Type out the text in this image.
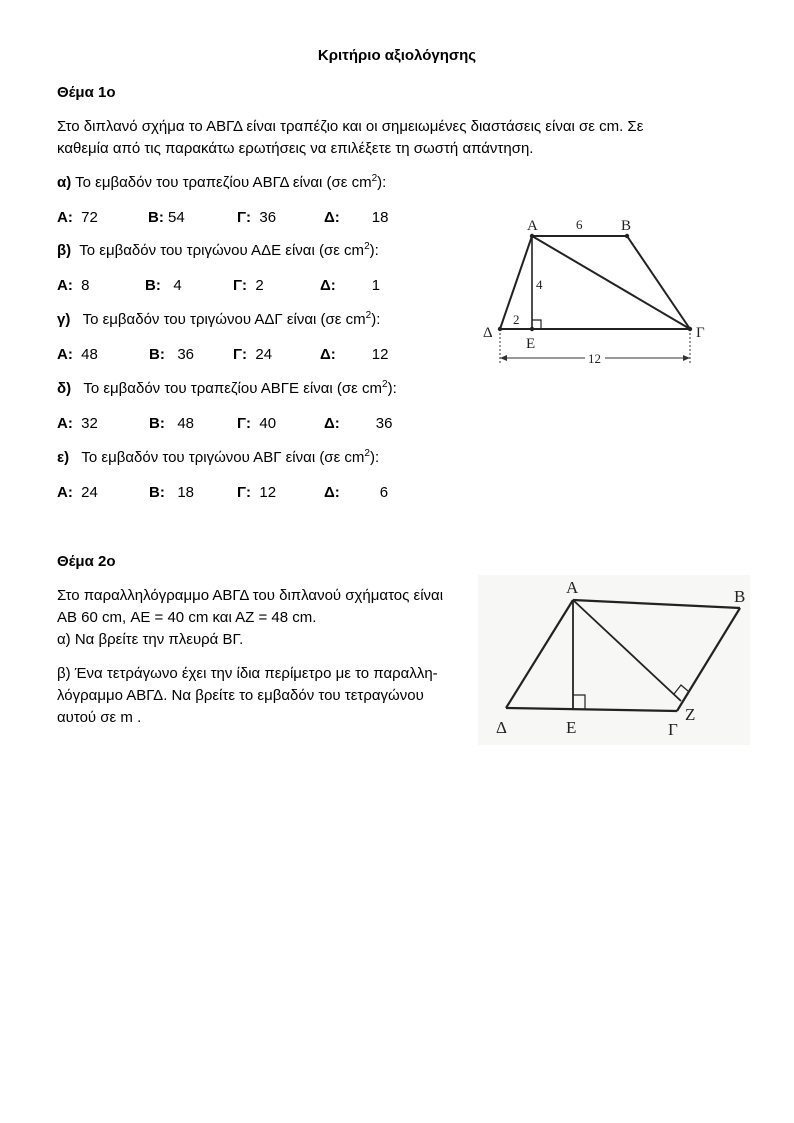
Κριτήριο αξιολόγησης
Θέμα 1ο
Στο διπλανό σχήμα το ΑΒΓΔ είναι τραπέζιο και οι σημειωμένες διαστάσεις είναι σε cm. Σε
καθεμία από τις παρακάτω ερωτήσεις να επιλέξετε τη σωστή απάντηση.
α) Το εμβαδόν του τραπεζίου ΑΒΓΔ είναι (σε $cm^2$):
Α: 72	Β: 54	Γ: 36	Δ: 18
β) Το εμβαδόν του τριγώνου ΑΔΕ είναι (σε $cm^2$):
Α: 8	Β: 4	Γ: 2	Δ: 1
γ) Το εμβαδόν του τριγώνου ΑΔΓ είναι (σε $cm^2$):
Α: 48	Β: 36	Γ: 24	Δ: 12
δ) Το εμβαδόν του τραπεζίου ΑΒΓΕ είναι (σε $cm^2$):
Α: 32	Β: 48	Γ: 40	Δ: 36
ε) Το εμβαδόν του τριγώνου ΑΒΓ είναι (σε $cm^2$):
Α: 24	Β: 18	Γ: 12	Δ:	6
A	B
Γ
Δ
E
6
4
2
12
Θέμα 2ο
Στο παραλληλόγραμμο ΑΒΓΔ του διπλανού σχήματος είναι
ΑΒ 60 cm, ΑΕ = 40 cm και ΑΖ = 48 cm.
α) Να βρείτε την πλευρά ΒΓ.
β) Ένα τετράγωνο έχει την ίδια περίμετρο με το παραλλη-
λόγραμμο ΑΒΓΔ. Να βρείτε το εμβαδόν του τετραγώνου
αυτού σε m .
A	B
Γ
Δ	E
Z
